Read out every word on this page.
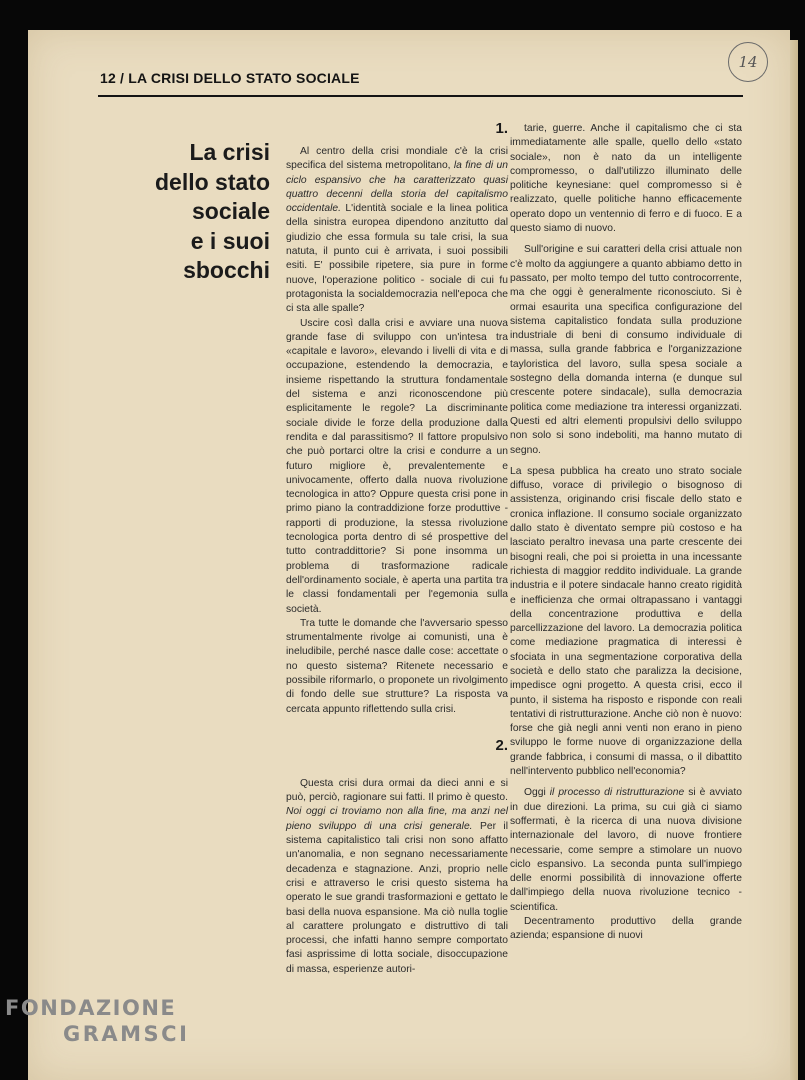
12 / LA CRISI DELLO STATO SOCIALE
14
La crisi
dello stato
sociale
e i suoi
sbocchi
1.

Al centro della crisi mondiale c'è la crisi specifica del sistema metropolitano, la fine di un ciclo espansivo che ha caratterizzato quasi quattro decenni della storia del capitalismo occidentale. L'identità sociale e la linea politica della sinistra europea dipendono anzitutto dal giudizio che essa formula su tale crisi, la sua natuta, il punto cui è arrivata, i suoi possibili esiti. E' possibile ripetere, sia pure in forme nuove, l'operazione politico - sociale di cui fu protagonista la socialdemocrazia nell'epoca che ci sta alle spalle?

Uscire così dalla crisi e avviare una nuova grande fase di sviluppo con un'intesa tra «capitale e lavoro», elevando i livelli di vita e di occupazione, estendendo la democrazia, e insieme rispettando la struttura fondamentale del sistema e anzi riconoscendone più esplicitamente le regole? La discriminante sociale divide le forze della produzione dalla rendita e dal parassitismo? Il fattore propulsivo che può portarci oltre la crisi e condurre a un futuro migliore è, prevalentemente e univocamente, offerto dalla nuova rivoluzione tecnologica in atto? Oppure questa crisi pone in primo piano la contraddizione forze produttive - rapporti di produzione, la stessa rivoluzione tecnologica porta dentro di sé prospettive del tutto contraddittorie? Si pone insomma un problema di trasformazione radicale dell'ordinamento sociale, è aperta una partita tra le classi fondamentali per l'egemonia sulla società.

Tra tutte le domande che l'avversario spesso strumentalmente rivolge ai comunisti, una è ineludibile, perché nasce dalle cose: accettate o no questo sistema? Ritenete necessario e possibile riformarlo, o proponete un rivolgimento di fondo delle sue strutture? La risposta va cercata appunto riflettendo sulla crisi.

2.

Questa crisi dura ormai da dieci anni e si può, perciò, ragionare sui fatti. Il primo è questo. Noi oggi ci troviamo non alla fine, ma anzi nel pieno sviluppo di una crisi generale. Per il sistema capitalistico tali crisi non sono affatto un'anomalia, e non segnano necessariamente decadenza e stagnazione. Anzi, proprio nelle crisi e attraverso le crisi questo sistema ha operato le sue grandi trasformazioni e gettato le basi della nuova espansione. Ma ciò nulla toglie al carattere prolungato e distruttivo di tali processi, che infatti hanno sempre comportato fasi asprissime di lotta sociale, disoccupazione di massa, esperienze autori-

tarie, guerre. Anche il capitalismo che ci sta immediatamente alle spalle, quello dello «stato sociale», non è nato da un intelligente compromesso, o dall'utilizzo illuminato delle politiche keynesiane: quel compromesso si è realizzato, quelle politiche hanno efficacemente operato dopo un ventennio di ferro e di fuoco. E a questo siamo di nuovo.

Sull'origine e sui caratteri della crisi attuale non c'è molto da aggiungere a quanto abbiamo detto in passato, per molto tempo del tutto controcorrente, ma che oggi è generalmente riconosciuto. Si è ormai esaurita una specifica configurazione del sistema capitalistico fondata sulla produzione industriale di beni di consumo individuale di massa, sulla grande fabbrica e l'organizzazione tayloristica del lavoro, sulla spesa sociale a sostegno della domanda interna (e dunque sul crescente potere sindacale), sulla democrazia politica come mediazione tra interessi organizzati. Questi ed altri elementi propulsivi dello sviluppo non solo si sono indeboliti, ma hanno mutato di segno.

La spesa pubblica ha creato uno strato sociale diffuso, vorace di privilegio o bisognoso di assistenza, originando crisi fiscale dello stato e cronica inflazione. Il consumo sociale organizzato dallo stato è diventato sempre più costoso e ha lasciato peraltro inevasa una parte crescente dei bisogni reali, che poi si proietta in una incessante richiesta di maggior reddito individuale. La grande industria e il potere sindacale hanno creato rigidità e inefficienza che ormai oltrapassano i vantaggi della concentrazione produttiva e della parcellizzazione del lavoro. La democrazia politica come mediazione pragmatica di interessi è sfociata in una segmentazione corporativa della società e dello stato che paralizza la decisione, impedisce ogni progetto. A questa crisi, ecco il punto, il sistema ha risposto e risponde con reali tentativi di ristrutturazione. Anche ciò non è nuovo: forse che già negli anni venti non erano in pieno sviluppo le forme nuove di organizzazione della grande fabbrica, i consumi di massa, o il dibattito nell'intervento pubblico nell'economia?

Oggi il processo di ristrutturazione si è avviato in due direzioni. La prima, su cui già ci siamo soffermati, è la ricerca di una nuova divisione internazionale del lavoro, di nuove frontiere necessarie, come sempre a stimolare un nuovo ciclo espansivo. La seconda punta sull'impiego delle enormi possibilità di innovazione offerte dall'impiego della nuova rivoluzione tecnico - scientifica.

Decentramento produttivo della grande azienda; espansione di nuovi

FONDAZIONE
GRAMSCI
